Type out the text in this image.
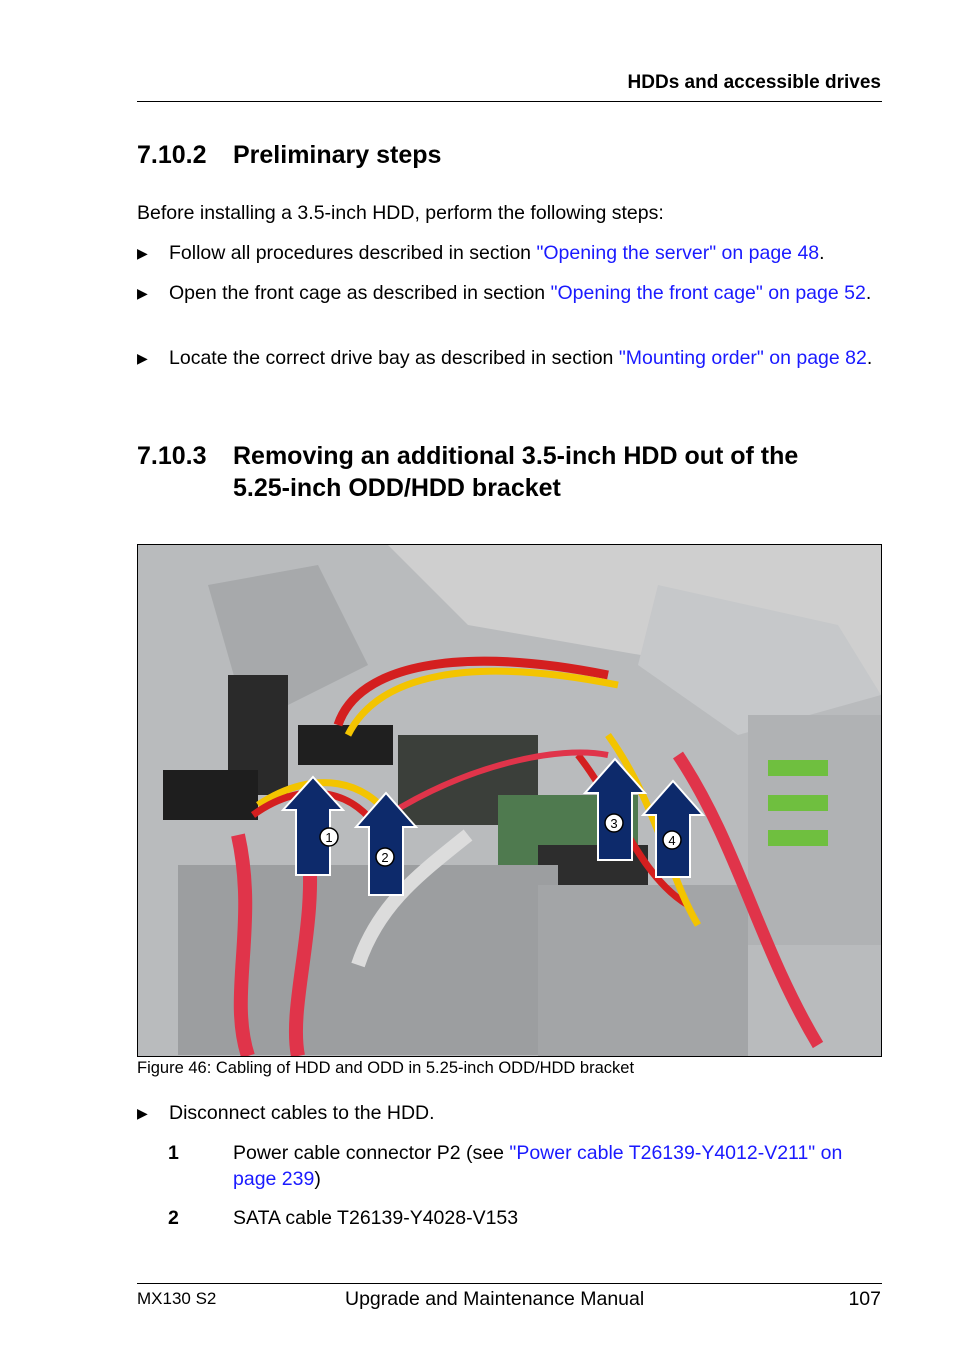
HDDs and accessible drives
7.10.2 Preliminary steps
Before installing a 3.5-inch HDD, perform the following steps:
▶ Follow all procedures described in section "Opening the server" on page 48.
▶ Open the front cage as described in section "Opening the front cage" on page 52.
▶ Locate the correct drive bay as described in section "Mounting order" on page 82.
7.10.3 Removing an additional 3.5-inch HDD out of the
5.25-inch ODD/HDD bracket
1
2
3
4
Figure 46: Cabling of HDD and ODD in 5.25-inch ODD/HDD bracket
▶ Disconnect cables to the HDD.
1	Power cable connector P2 (see "Power cable T26139-Y4012-V211" on page 239)
2	SATA cable T26139-Y4028-V153
MX130 S2	Upgrade and Maintenance Manual	107
